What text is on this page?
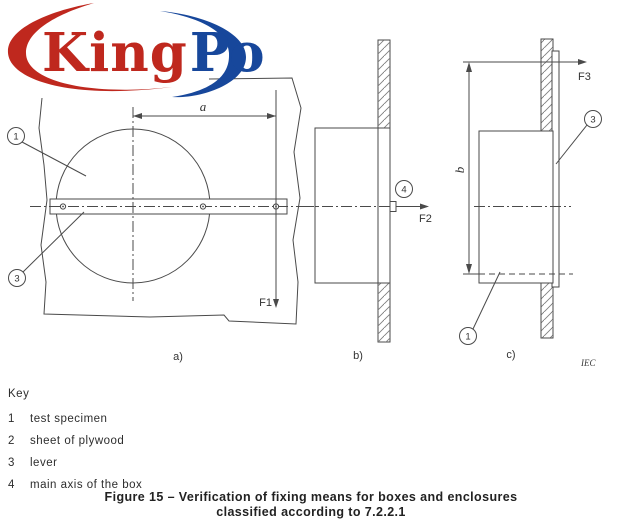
a
F1
1
3
a)
F2
4
b)
F3
b
3
1
c)
IEC
KingPo
Key
1 test specimen
2 sheet of plywood
3 lever
4 main axis of the box
Figure 15 – Verification of fixing means for boxes and enclosures
classified according to 7.2.2.1
